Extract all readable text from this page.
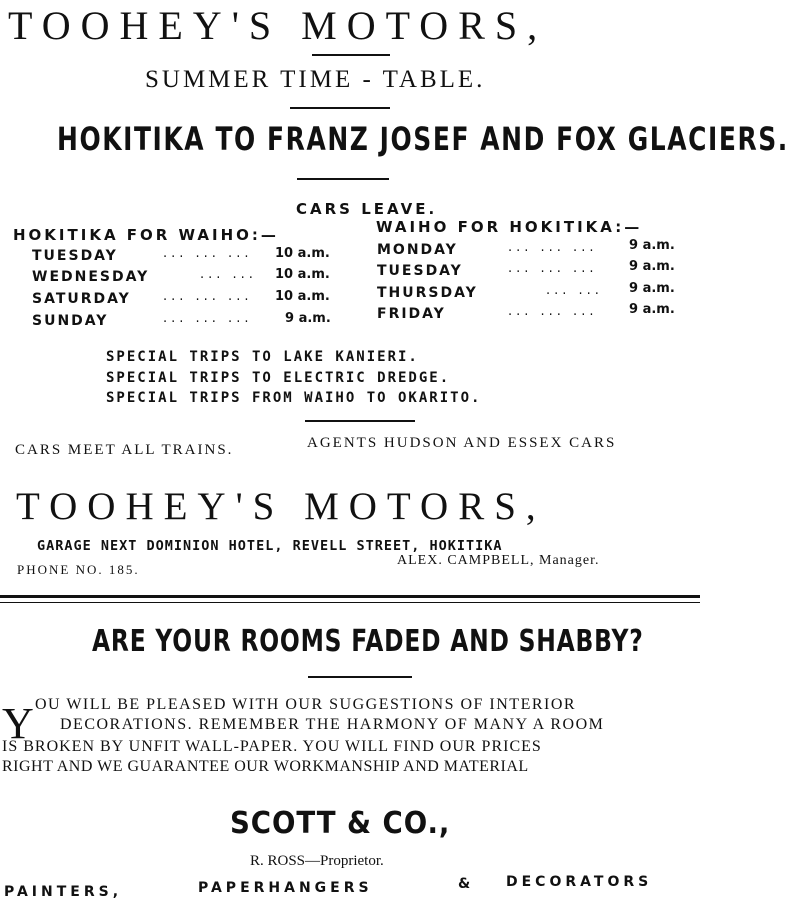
TOOHEY'S MOTORS,
SUMMER TIME - TABLE.
HOKITIKA TO FRANZ JOSEF AND FOX GLACIERS.
CARS LEAVE.
HOKITIKA FOR WAIHO:—	WAIHO FOR HOKITIKA:—
TUESDAY	... ... ... 10 a.m.
WEDNESDAY	... ... 10 a.m.
SATURDAY ... ... ... 10 a.m.
SUNDAY	... ... ...	9 a.m.
MONDAY	... ... ... 9 a.m.
TUESDAY	... ... ... 9 a.m.
THURSDAY	... ... 9 a.m.
FRIDAY	... ... ... 9 a.m.
SPECIAL TRIPS TO LAKE KANIERI.
SPECIAL TRIPS TO ELECTRIC DREDGE.
SPECIAL TRIPS FROM WAIHO TO OKARITO.
CARS MEET ALL TRAINS.	AGENTS HUDSON AND ESSEX CARS
TOOHEY'S MOTORS,
GARAGE NEXT DOMINION HOTEL, REVELL STREET, HOKITIKA
PHONE NO. 185.
ALEX. CAMPBELL, Manager.
ARE YOUR ROOMS FADED AND SHABBY?
Y OU WILL BE PLEASED WITH OUR SUGGESTIONS OF INTERIOR
DECORATIONS. REMEMBER THE HARMONY OF MANY A ROOM
IS BROKEN BY UNFIT WALL-PAPER. YOU WILL FIND OUR PRICES
RIGHT AND WE GUARANTEE OUR WORKMANSHIP AND MATERIAL
SCOTT & CO.,
R. ROSS—Proprietor.
PAINTERS,	PAPERHANGERS	&	DECORATORS
